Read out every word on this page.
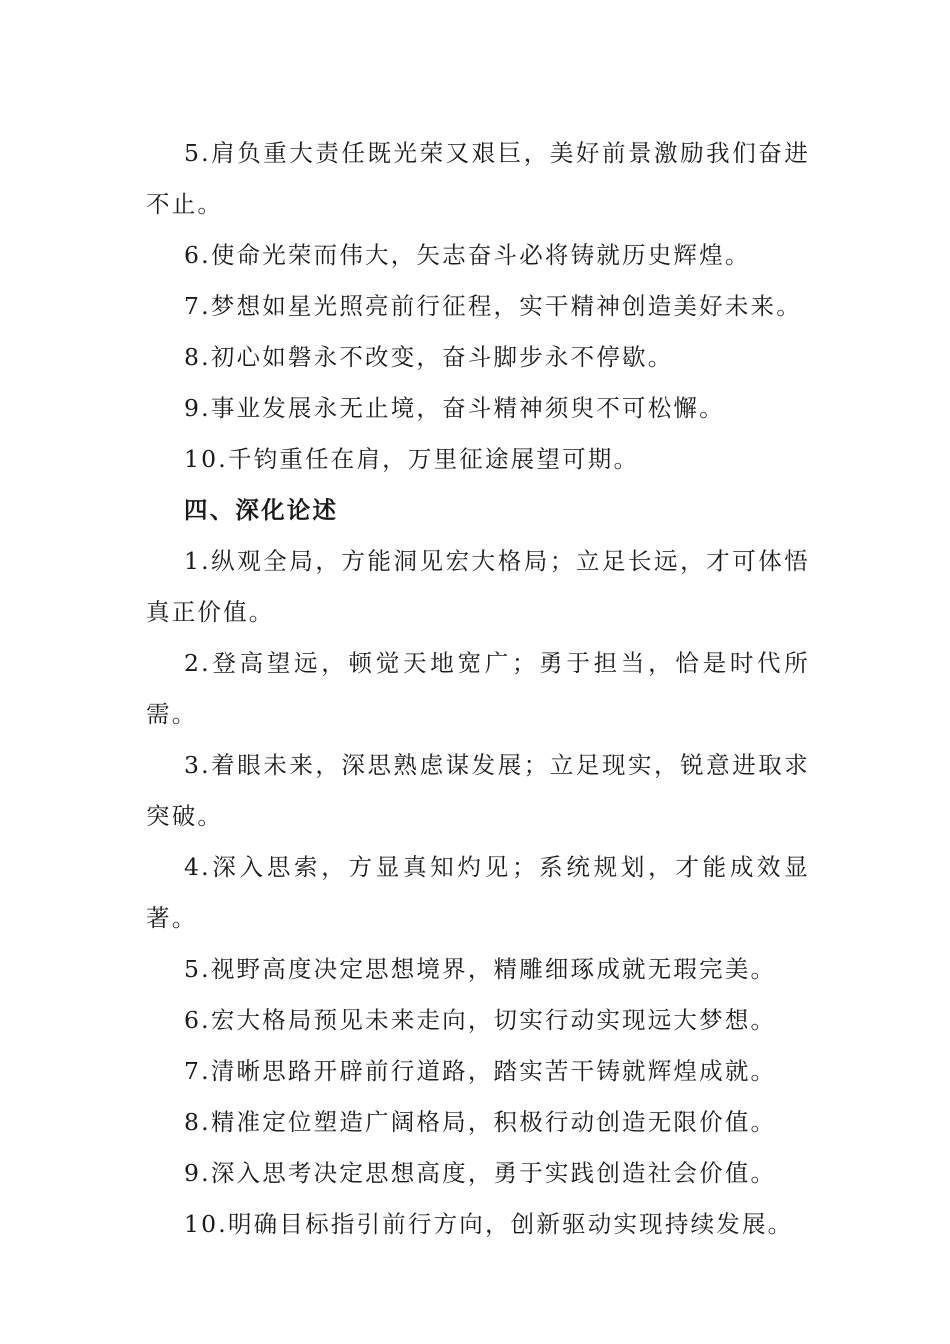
5.肩负重大责任既光荣又艰巨，美好前景激励我们奋进不止。

6.使命光荣而伟大，矢志奋斗必将铸就历史辉煌。

7.梦想如星光照亮前行征程，实干精神创造美好未来。

8.初心如磐永不改变，奋斗脚步永不停歇。

9.事业发展永无止境，奋斗精神须臾不可松懈。

10.千钧重任在肩，万里征途展望可期。

四、深化论述

1.纵观全局，方能洞见宏大格局；立足长远，才可体悟真正价值。

2.登高望远，顿觉天地宽广；勇于担当，恰是时代所需。

3.着眼未来，深思熟虑谋发展；立足现实，锐意进取求突破。

4.深入思索，方显真知灼见；系统规划，才能成效显著。

5.视野高度决定思想境界，精雕细琢成就无瑕完美。

6.宏大格局预见未来走向，切实行动实现远大梦想。

7.清晰思路开辟前行道路，踏实苦干铸就辉煌成就。

8.精准定位塑造广阔格局，积极行动创造无限价值。

9.深入思考决定思想高度，勇于实践创造社会价值。

10.明确目标指引前行方向，创新驱动实现持续发展。
